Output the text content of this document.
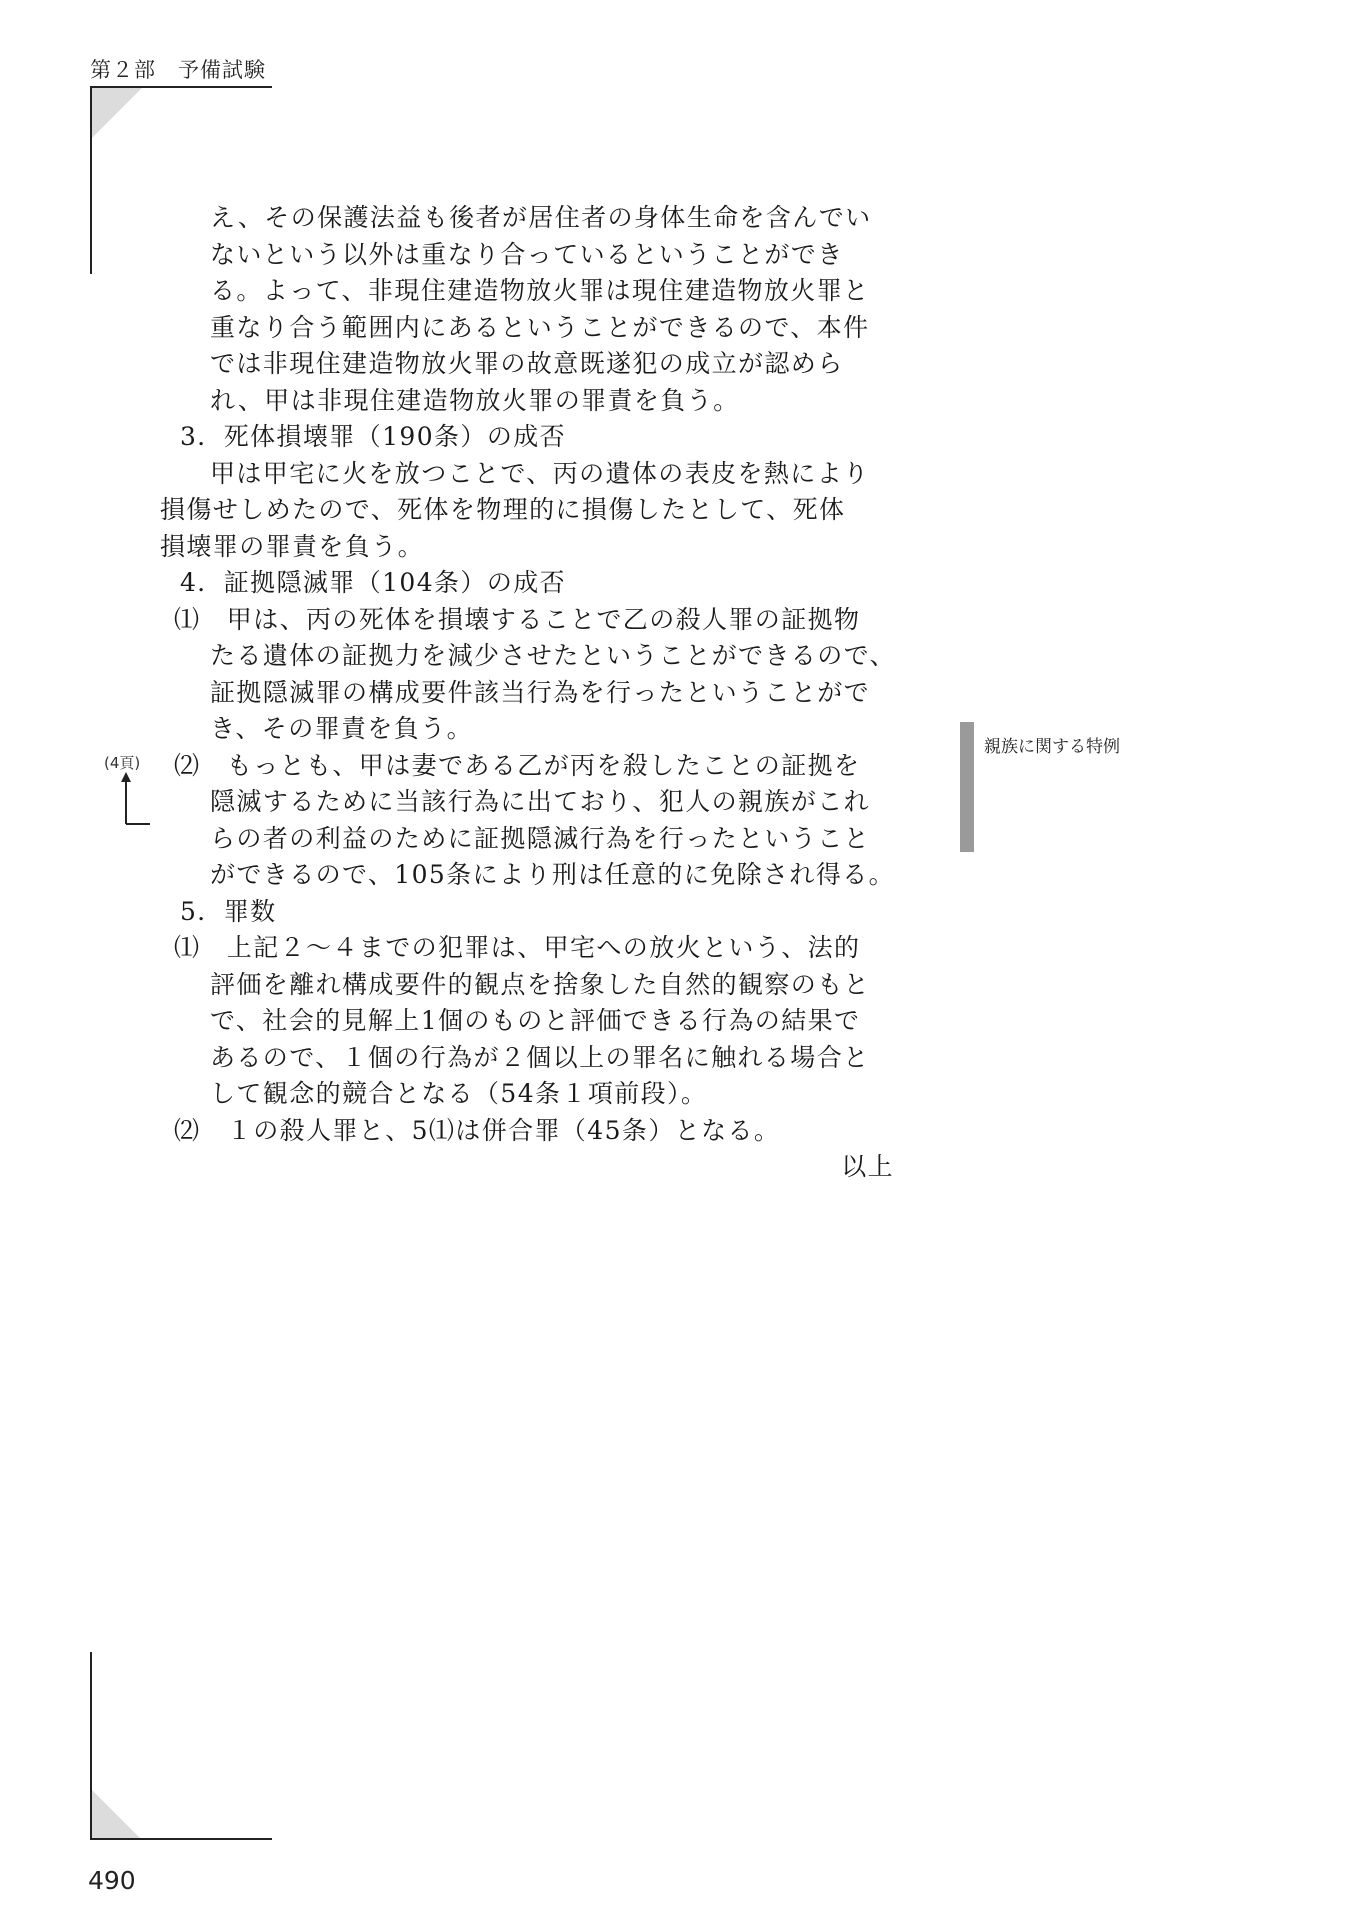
第２部　予備試験
え、その保護法益も後者が居住者の身体生命を含んでい
ないという以外は重なり合っているということができ
る。よって、非現住建造物放火罪は現住建造物放火罪と
重なり合う範囲内にあるということができるので、本件
では非現住建造物放火罪の故意既遂犯の成立が認めら
れ、甲は非現住建造物放火罪の罪責を負う。
3．死体損壊罪（190条）の成否
甲は甲宅に火を放つことで、丙の遺体の表皮を熱により
損傷せしめたので、死体を物理的に損傷したとして、死体
損壊罪の罪責を負う。
4．証拠隠滅罪（104条）の成否
⑴　甲は、丙の死体を損壊することで乙の殺人罪の証拠物
たる遺体の証拠力を減少させたということができるので、
証拠隠滅罪の構成要件該当行為を行ったということがで
き、その罪責を負う。
⑵　もっとも、甲は妻である乙が丙を殺したことの証拠を
隠滅するために当該行為に出ており、犯人の親族がこれ
らの者の利益のために証拠隠滅行為を行ったということ
ができるので、105条により刑は任意的に免除され得る。
5．罪数
⑴　上記２～４までの犯罪は、甲宅への放火という、法的
評価を離れ構成要件的観点を捨象した自然的観察のもと
で、社会的見解上1個のものと評価できる行為の結果で
あるので、１個の行為が２個以上の罪名に触れる場合と
して観念的競合となる（54条１項前段）。
⑵　１の殺人罪と、5⑴は併合罪（45条）となる。
以上
親族に関する特例
(4頁)
490
